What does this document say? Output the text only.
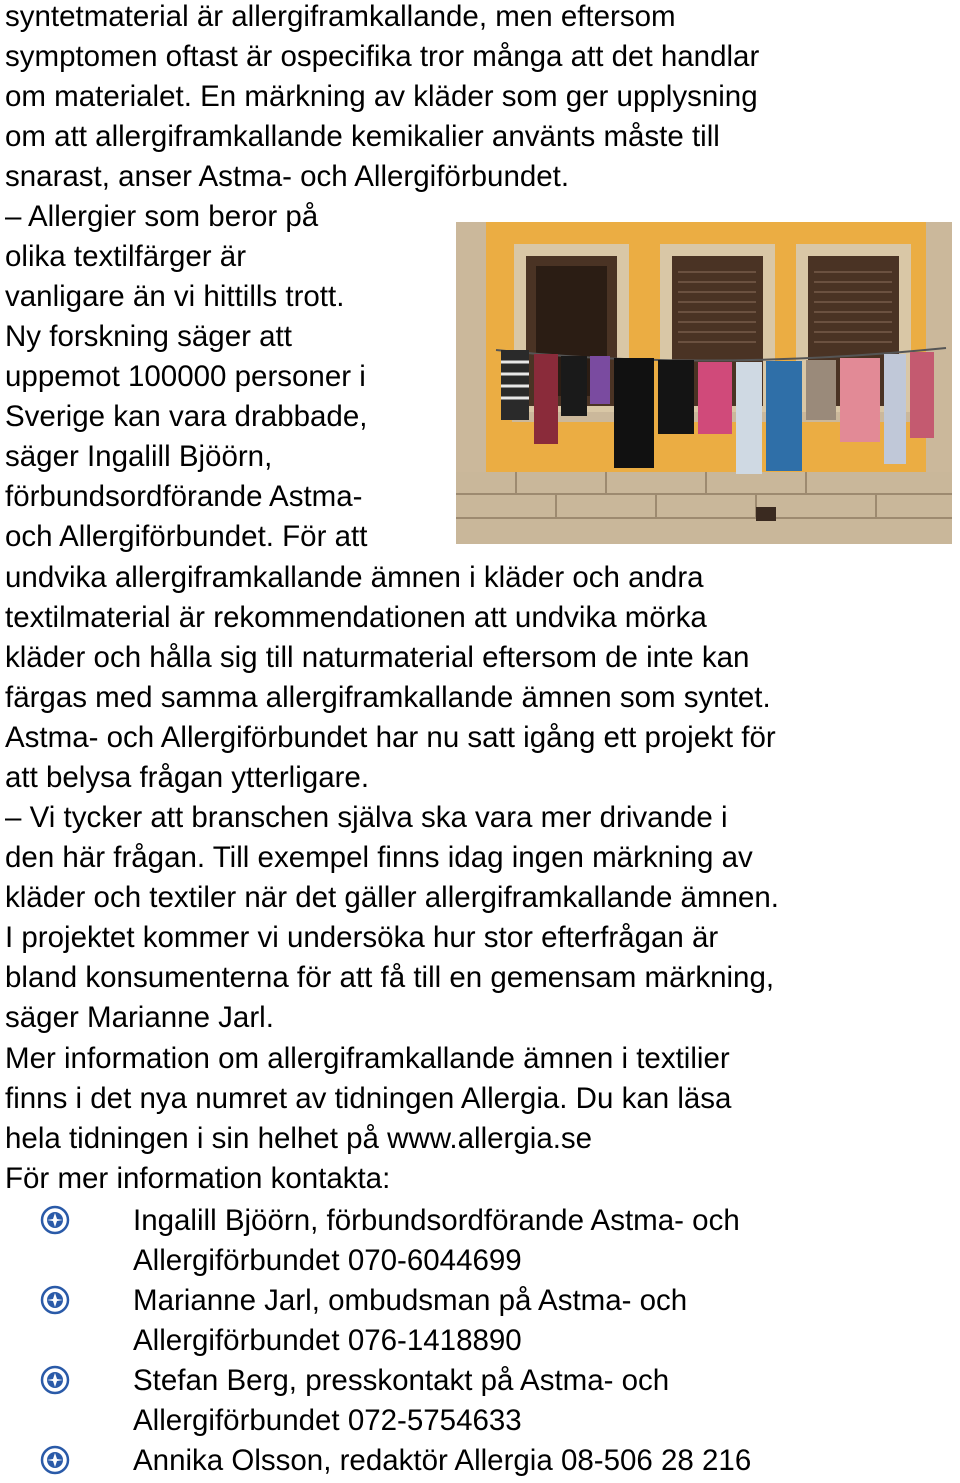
syntetmaterial är allergiframkallande, men eftersom
symptomen oftast är ospecifika tror många att det handlar
om materialet. En märkning av kläder som ger upplysning
om att allergiframkallande kemikalier använts måste till
snarast, anser Astma- och Allergiförbundet.
– Allergier som beror på
olika textilfärger är
vanligare än vi hittills trott.
Ny forskning säger att
uppemot 100000 personer i
Sverige kan vara drabbade,
säger Ingalill Bjöörn,
förbundsordförande Astma-
och Allergiförbundet. För att
undvika allergiframkallande ämnen i kläder och andra
textilmaterial är rekommendationen att undvika mörka
kläder och hålla sig till naturmaterial eftersom de inte kan
färgas med samma allergiframkallande ämnen som syntet.
Astma- och Allergiförbundet har nu satt igång ett projekt för
att belysa frågan ytterligare.
– Vi tycker att branschen själva ska vara mer drivande i
den här frågan. Till exempel finns idag ingen märkning av
kläder och textiler när det gäller allergiframkallande ämnen.
I projektet kommer vi undersöka hur stor efterfrågan är
bland konsumenterna för att få till en gemensam märkning,
säger Marianne Jarl.
Mer information om allergiframkallande ämnen i textilier
finns i det nya numret av tidningen Allergia. Du kan läsa
hela tidningen i sin helhet på www.allergia.se
För mer information kontakta:
Ingalill Bjöörn, förbundsordförande Astma- och
Allergiförbundet 070-6044699
Marianne Jarl, ombudsman på Astma- och
Allergiförbundet 076-1418890
Stefan Berg, presskontakt på Astma- och
Allergiförbundet 072-5754633
Annika Olsson, redaktör Allergia 08-506 28 216
